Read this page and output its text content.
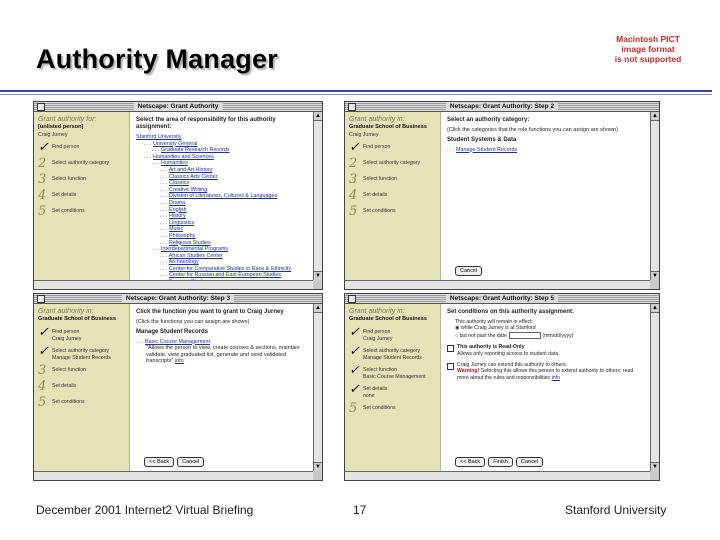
Authority Manager
Macintosh PICT
image format
is not supported
Netscape: Grant Authority
Grant authority for:
[unlisted person]
Craig Jurney
✓ Find person
2	Select authority category
3	Select function
4	Set details
5	Set conditions
Select the area of responsibility for this authority assignment:
Stanford University
. . . University General
. . . Graduate Research Records
. . . Humanities and Sciences
. . . Humanities
. . . Art and Art History
. . . Classics Arts Center
. . . Classics
. . . Creative Writing
. . . Division of Literatures, Cultures & Languages
. . . Drama
. . . English
. . . History
. . . Linguistics
. . . Music
. . . Philosophy
. . . Religious Studies
. . . Interdepartmental Programs
. . . African Studies Center
. . . Archaeology
. . . Center for Comparative Studies in Race & Ethnicity
. . . Center for Russian and East European Studies
▲
▼
Netscape: Grant Authority: Step 2
Grant authority in:
Graduate School of Business
Craig Jurney
✓ Find person
2	Select authority category
3	Select function
4	Set details
5	Set conditions
Select an authority category:
(Click the categories that the role functions you can assign are shown)
Student Systems & Data
. . . Manage Student Records
Cancel
▲
▼
Netscape: Grant Authority: Step 3
Grant authority in:
Graduate School of Business
✓ Find person
Craig Jurney
✓ Select authority category
Manage Student Records
3	Select function
4	Set details
5	Set conditions
Click the function you want to grant to Craig Jurney
(Click the functions you can assign are shown)
Manage Student Records
. . . Basic Course Management
"Allows the person to view, create courses & sections, maintain validate, view graduated list, generate and send validated transcripts" info
<< Back Cancel
▲
▼
Netscape: Grant Authority: Step 5
Grant authority in:
Graduate School of Business
✓ Find person
Craig Jurney
✓ Select authority category
Manage Student Records
✓ Select function
Basic Course Management
✓ Set details
none
5	Set conditions
Set conditions on this authority assignment:
This authority will remain in effect:
◉ while Craig Jurney is at Stanford
○ but not past the date	(mm/dd/yyyy)
This authority is Read-Only
Allows only reporting access to student data.
Craig Jurney can extend this authority to others.
Warning! Selecting this allows this person to extend authority to others; read more about the rules and responsibilities info
<< Back Finish Cancel
▲
▼
December 2001 Internet2 Virtual Briefing	17	Stanford University
